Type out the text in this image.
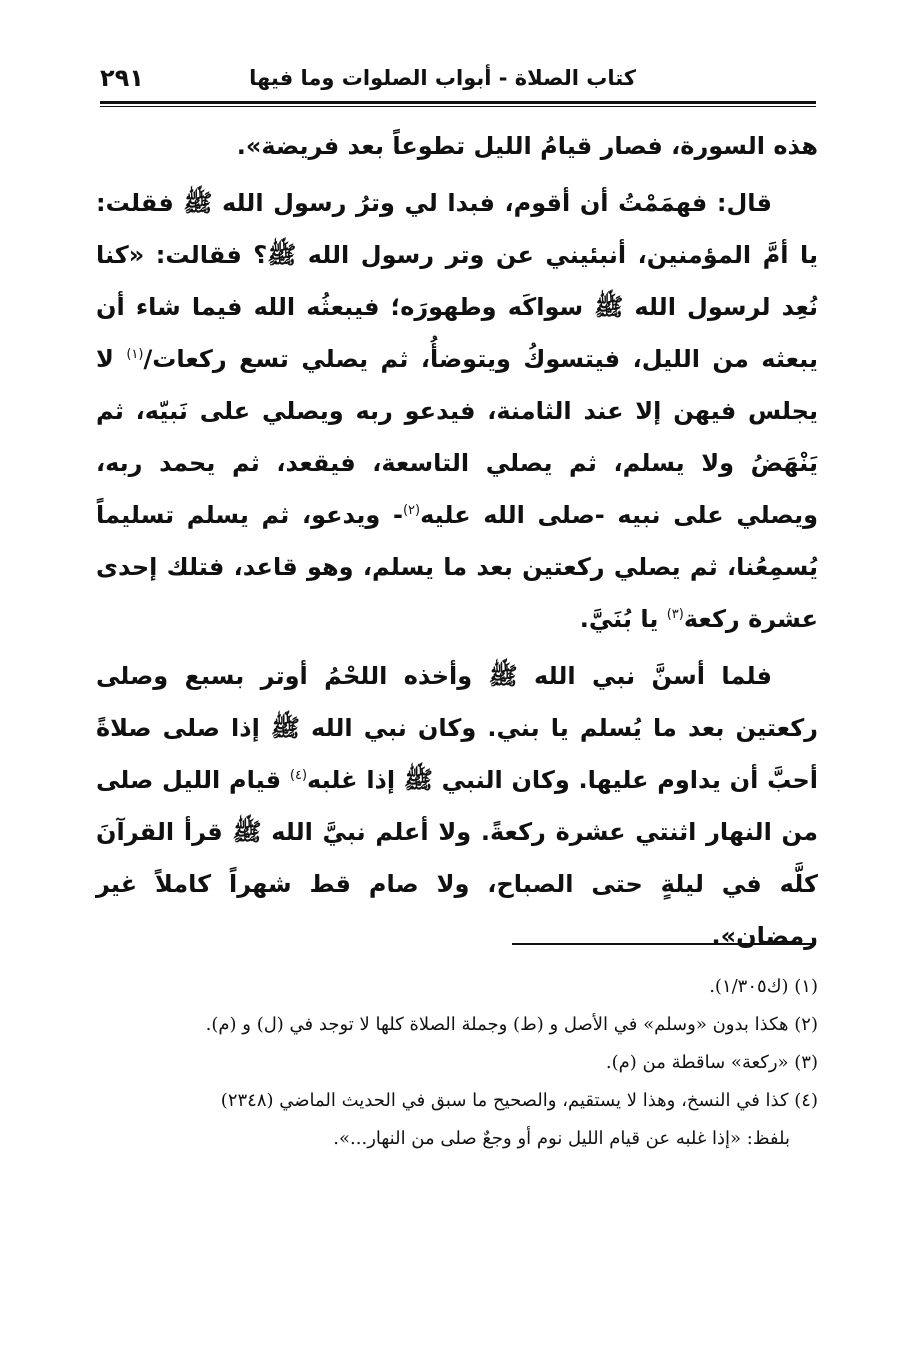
كتاب الصلاة - أبواب الصلوات وما فيها
٢٩١

هذه السورة، فصار قيامُ الليل تطوعاً بعد فريضة».

قال: فهمَمْتُ أن أقوم، فبدا لي وترُ رسول الله ﷺ فقلت: يا أمَّ المؤمنين، أنبئيني عن وتر رسول الله ﷺ؟ فقالت: «كنا نُعِد لرسول الله ﷺ سواكَه وطهورَه؛ فيبعثُه الله فيما شاء أن يبعثه من الليل، فيتسوكُ ويتوضأُ، ثم يصلي تسع ركعات/$^{(١)}$ لا يجلس فيهن إلا عند الثامنة، فيدعو ربه ويصلي على نَبيّه، ثم يَنْهَضُ ولا يسلم، ثم يصلي التاسعة، فيقعد، ثم يحمد ربه، ويصلي على نبيه -صلى الله عليه$^{(٢)}$- ويدعو، ثم يسلم تسليماً يُسمِعُنا، ثم يصلي ركعتين بعد ما يسلم، وهو قاعد، فتلك إحدى عشرة ركعة$^{(٣)}$ يا بُنَيَّ.

فلما أسنَّ نبي الله ﷺ وأخذه اللحْمُ أوتر بسبع وصلى ركعتين بعد ما يُسلم يا بني. وكان نبي الله ﷺ إذا صلى صلاةً أحبَّ أن يداوم عليها. وكان النبي ﷺ إذا غلبه$^{(٤)}$ قيام الليل صلى من النهار اثنتي عشرة ركعةً. ولا أعلم نبيَّ الله ﷺ قرأ القرآنَ كلَّه في ليلةٍ حتى الصباح، ولا صام قط شهراً كاملاً غير رمضان».

(١) (ك١/٣٠٥).

(٢) هكذا بدون «وسلم» في الأصل و (ط) وجملة الصلاة كلها لا توجد في (ل) و (م).

(٣) «ركعة» ساقطة من (م).

(٤) كذا في النسخ، وهذا لا يستقيم، والصحيح ما سبق في الحديث الماضي (٢٣٤٨)

بلفظ: «إذا غلبه عن قيام الليل نوم أو وجعٌ صلى من النهار...».
